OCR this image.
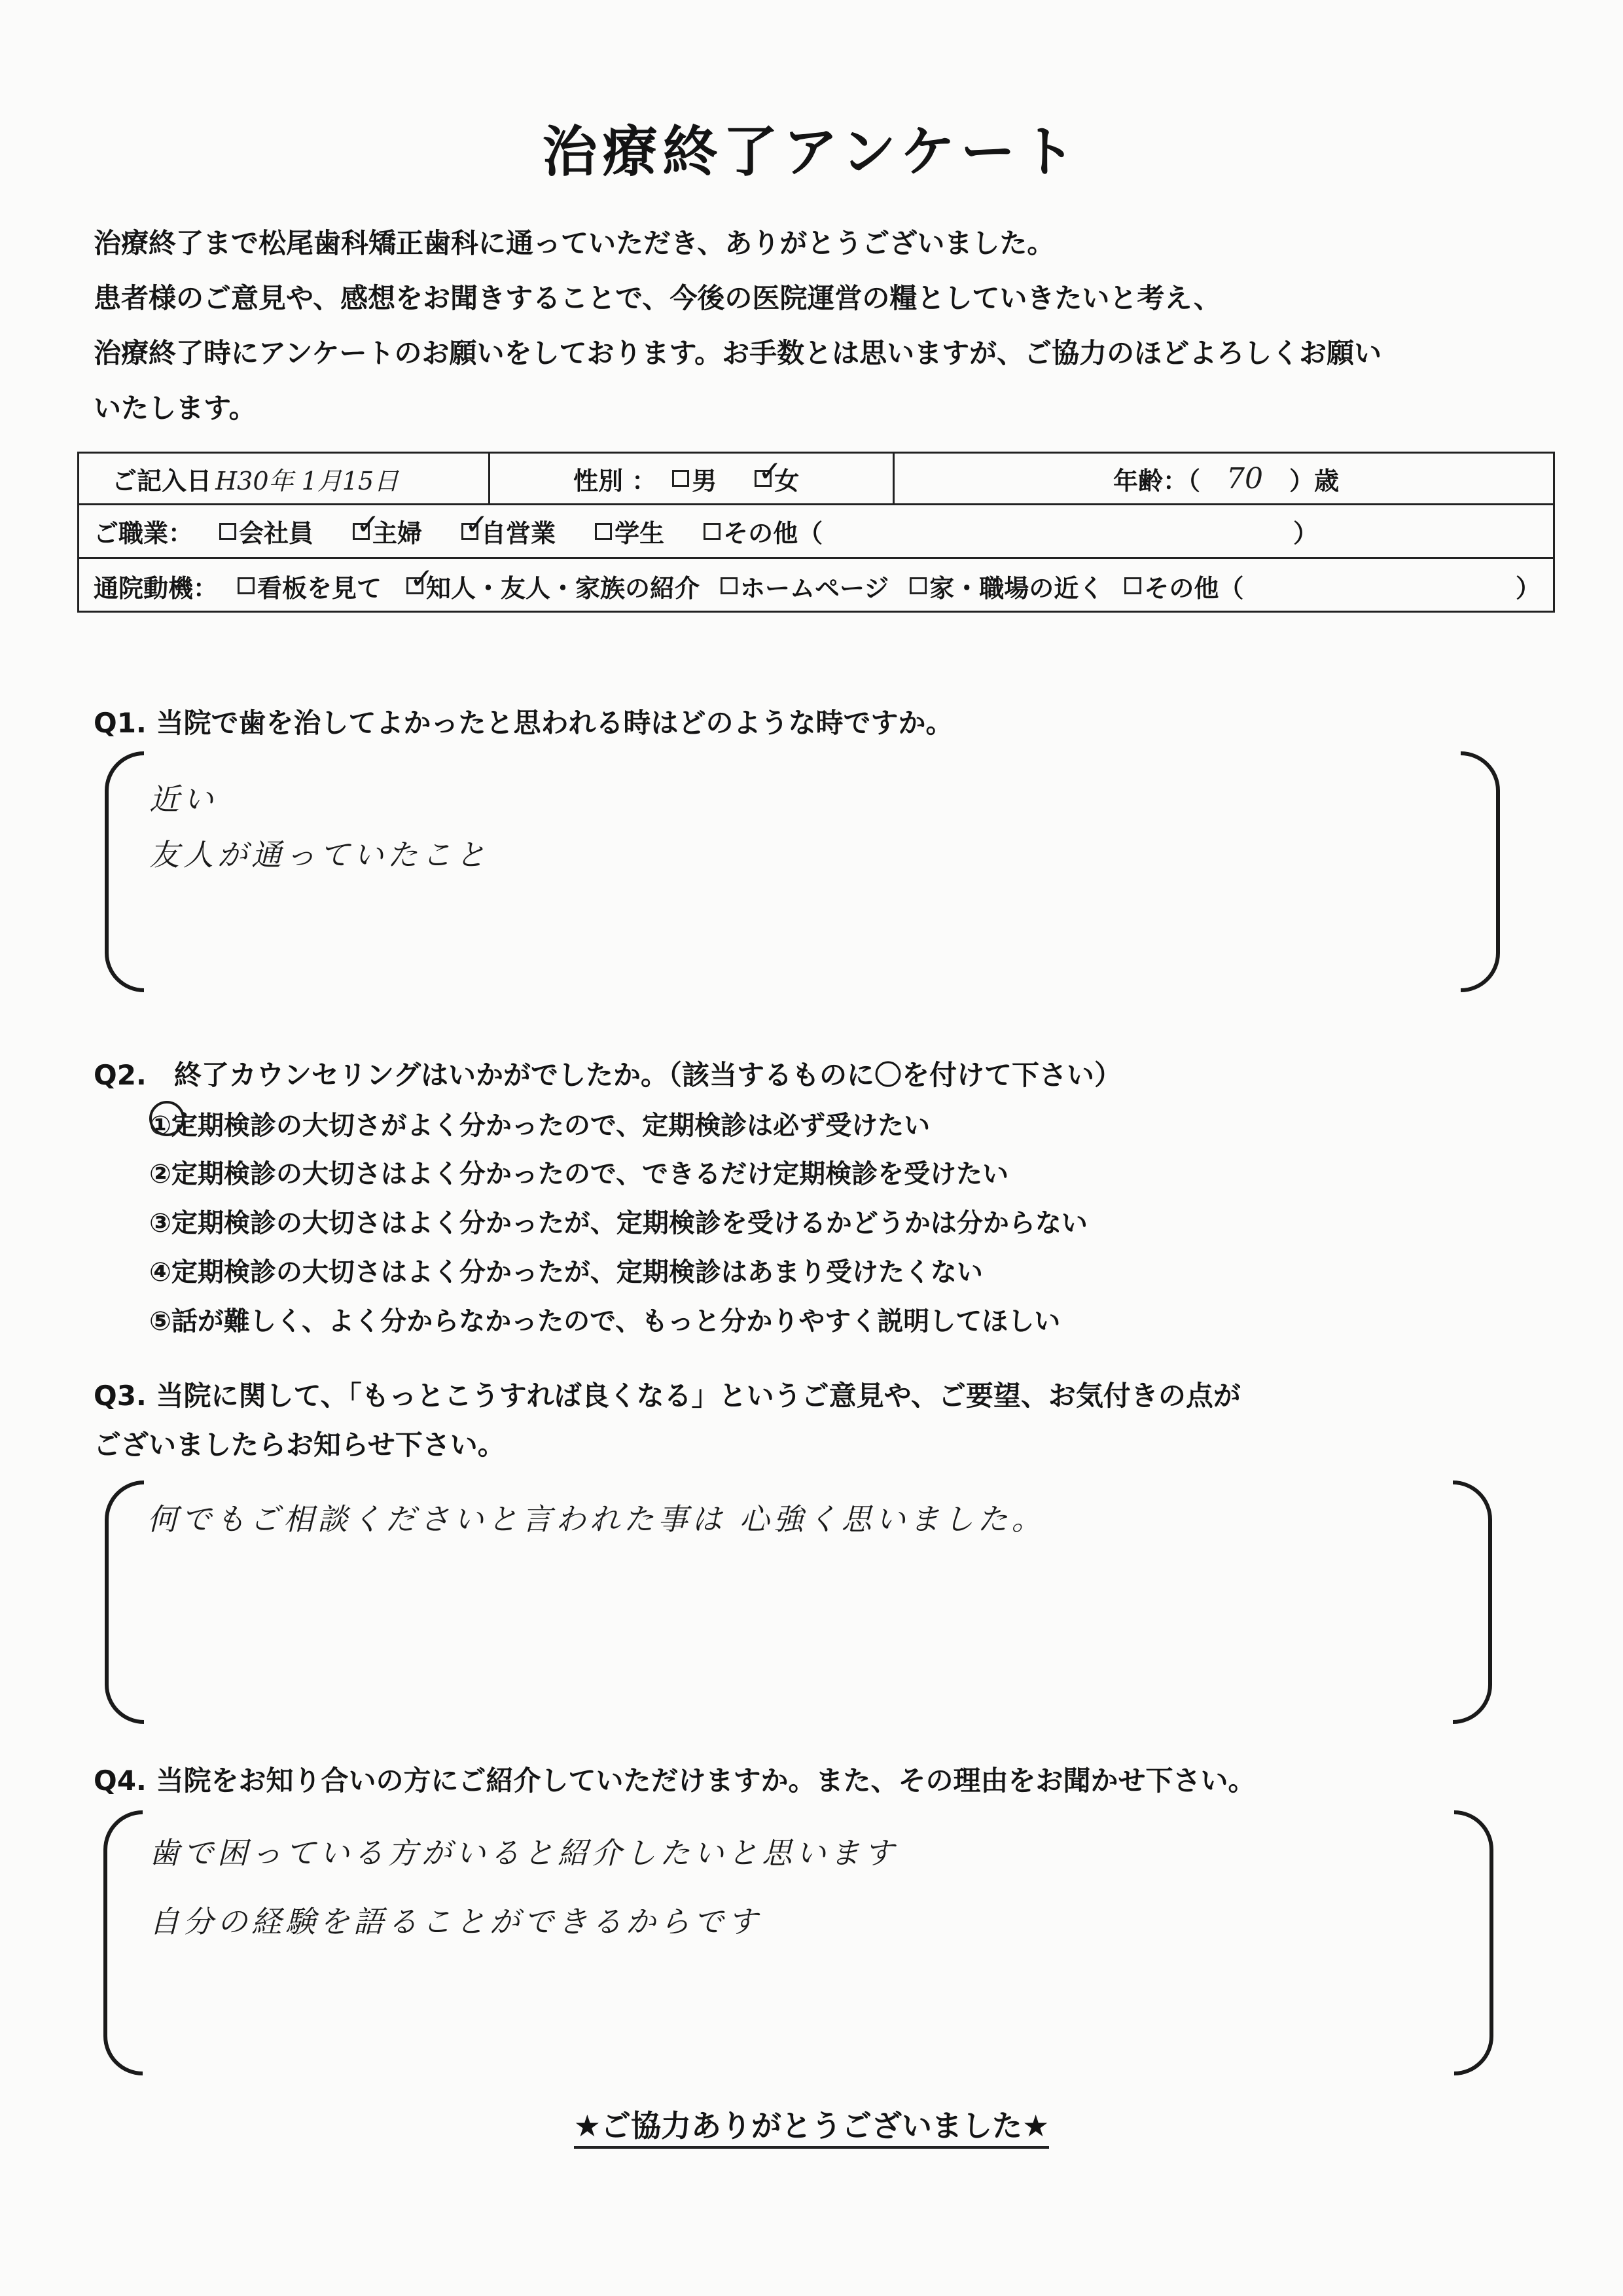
治療終了アンケート
治療終了まで松尾歯科矯正歯科に通っていただき、ありがとうございました。
患者様のご意見や、感想をお聞きすることで、今後の医院運営の糧としていきたいと考え、
治療終了時にアンケートのお願いをしております。お手数とは思いますが、ご協力のほどよろしくお願い
いたします。
ご記入日 H30年 1月15日	性別 ： 男 ✓ 女	年齢：（ 70 ）歳
ご職業： 会社員 ✓ 主婦 ✓ 自営業 学生 その他（	）
通院動機： 看板を見て ✓ 知人・友人・家族の紹介 ホームページ 家・職場の近く その他（	）
Q1. 当院で歯を治してよかったと思われる時はどのような時ですか。
近い
友人が通っていたこと
Q2.　終了カウンセリングはいかがでしたか。（該当するものに〇を付けて下さい）
①定期検診の大切さがよく分かったので、定期検診は必ず受けたい
②定期検診の大切さはよく分かったので、できるだけ定期検診を受けたい
③定期検診の大切さはよく分かったが、定期検診を受けるかどうかは分からない
④定期検診の大切さはよく分かったが、定期検診はあまり受けたくない
⑤話が難しく、よく分からなかったので、もっと分かりやすく説明してほしい
Q3. 当院に関して、「もっとこうすれば良くなる」というご意見や、ご要望、お気付きの点が
ございましたらお知らせ下さい。
何でもご相談くださいと言われた事は 心強く思いました。
Q4. 当院をお知り合いの方にご紹介していただけますか。また、その理由をお聞かせ下さい。
歯で困っている方がいると紹介したいと思います
自分の経験を語ることができるからです
★ご協力ありがとうございました★
